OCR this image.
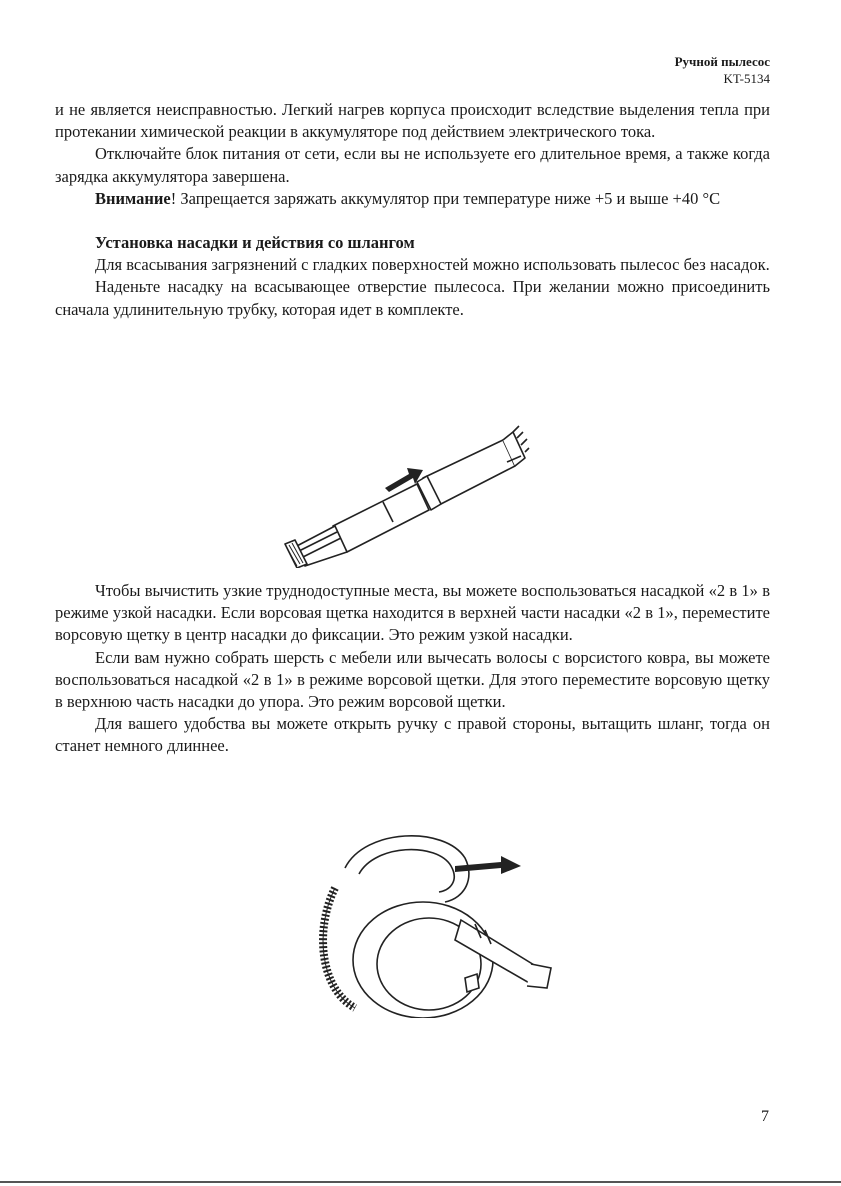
Ручной пылесос
KT-5134

и не является неисправностью. Легкий нагрев корпуса происходит вследствие выделения тепла при протекании химической реакции в аккумуляторе под действием электрического тока.

Отключайте блок питания от сети, если вы не используете его длительное время, а также когда зарядка аккумулятора завершена.

Внимание! Запрещается заряжать аккумулятор при температуре ниже +5 и выше +40 °С

Установка насадки и действия со шлангом

Для всасывания загрязнений с гладких поверхностей можно использовать пылесос без насадок.

Наденьте насадку на всасывающее отверстие пылесоса. При желании можно присоединить сначала удлинительную трубку, которая идет в комплекте.

Чтобы вычистить узкие труднодоступные места, вы можете воспользоваться насадкой «2 в 1» в режиме узкой насадки. Если ворсовая щетка находится в верхней части насадки «2 в 1», переместите ворсовую щетку в центр насадки до фиксации. Это режим узкой насадки.

Если вам нужно собрать шерсть с мебели или вычесать волосы с ворсистого ковра, вы можете воспользоваться насадкой «2 в 1» в режиме ворсовой щетки. Для этого переместите ворсовую щетку в верхнюю часть насадки до упора. Это режим ворсовой щетки.

Для вашего удобства вы можете открыть ручку с правой стороны, вытащить шланг, тогда он станет немного длиннее.

7
